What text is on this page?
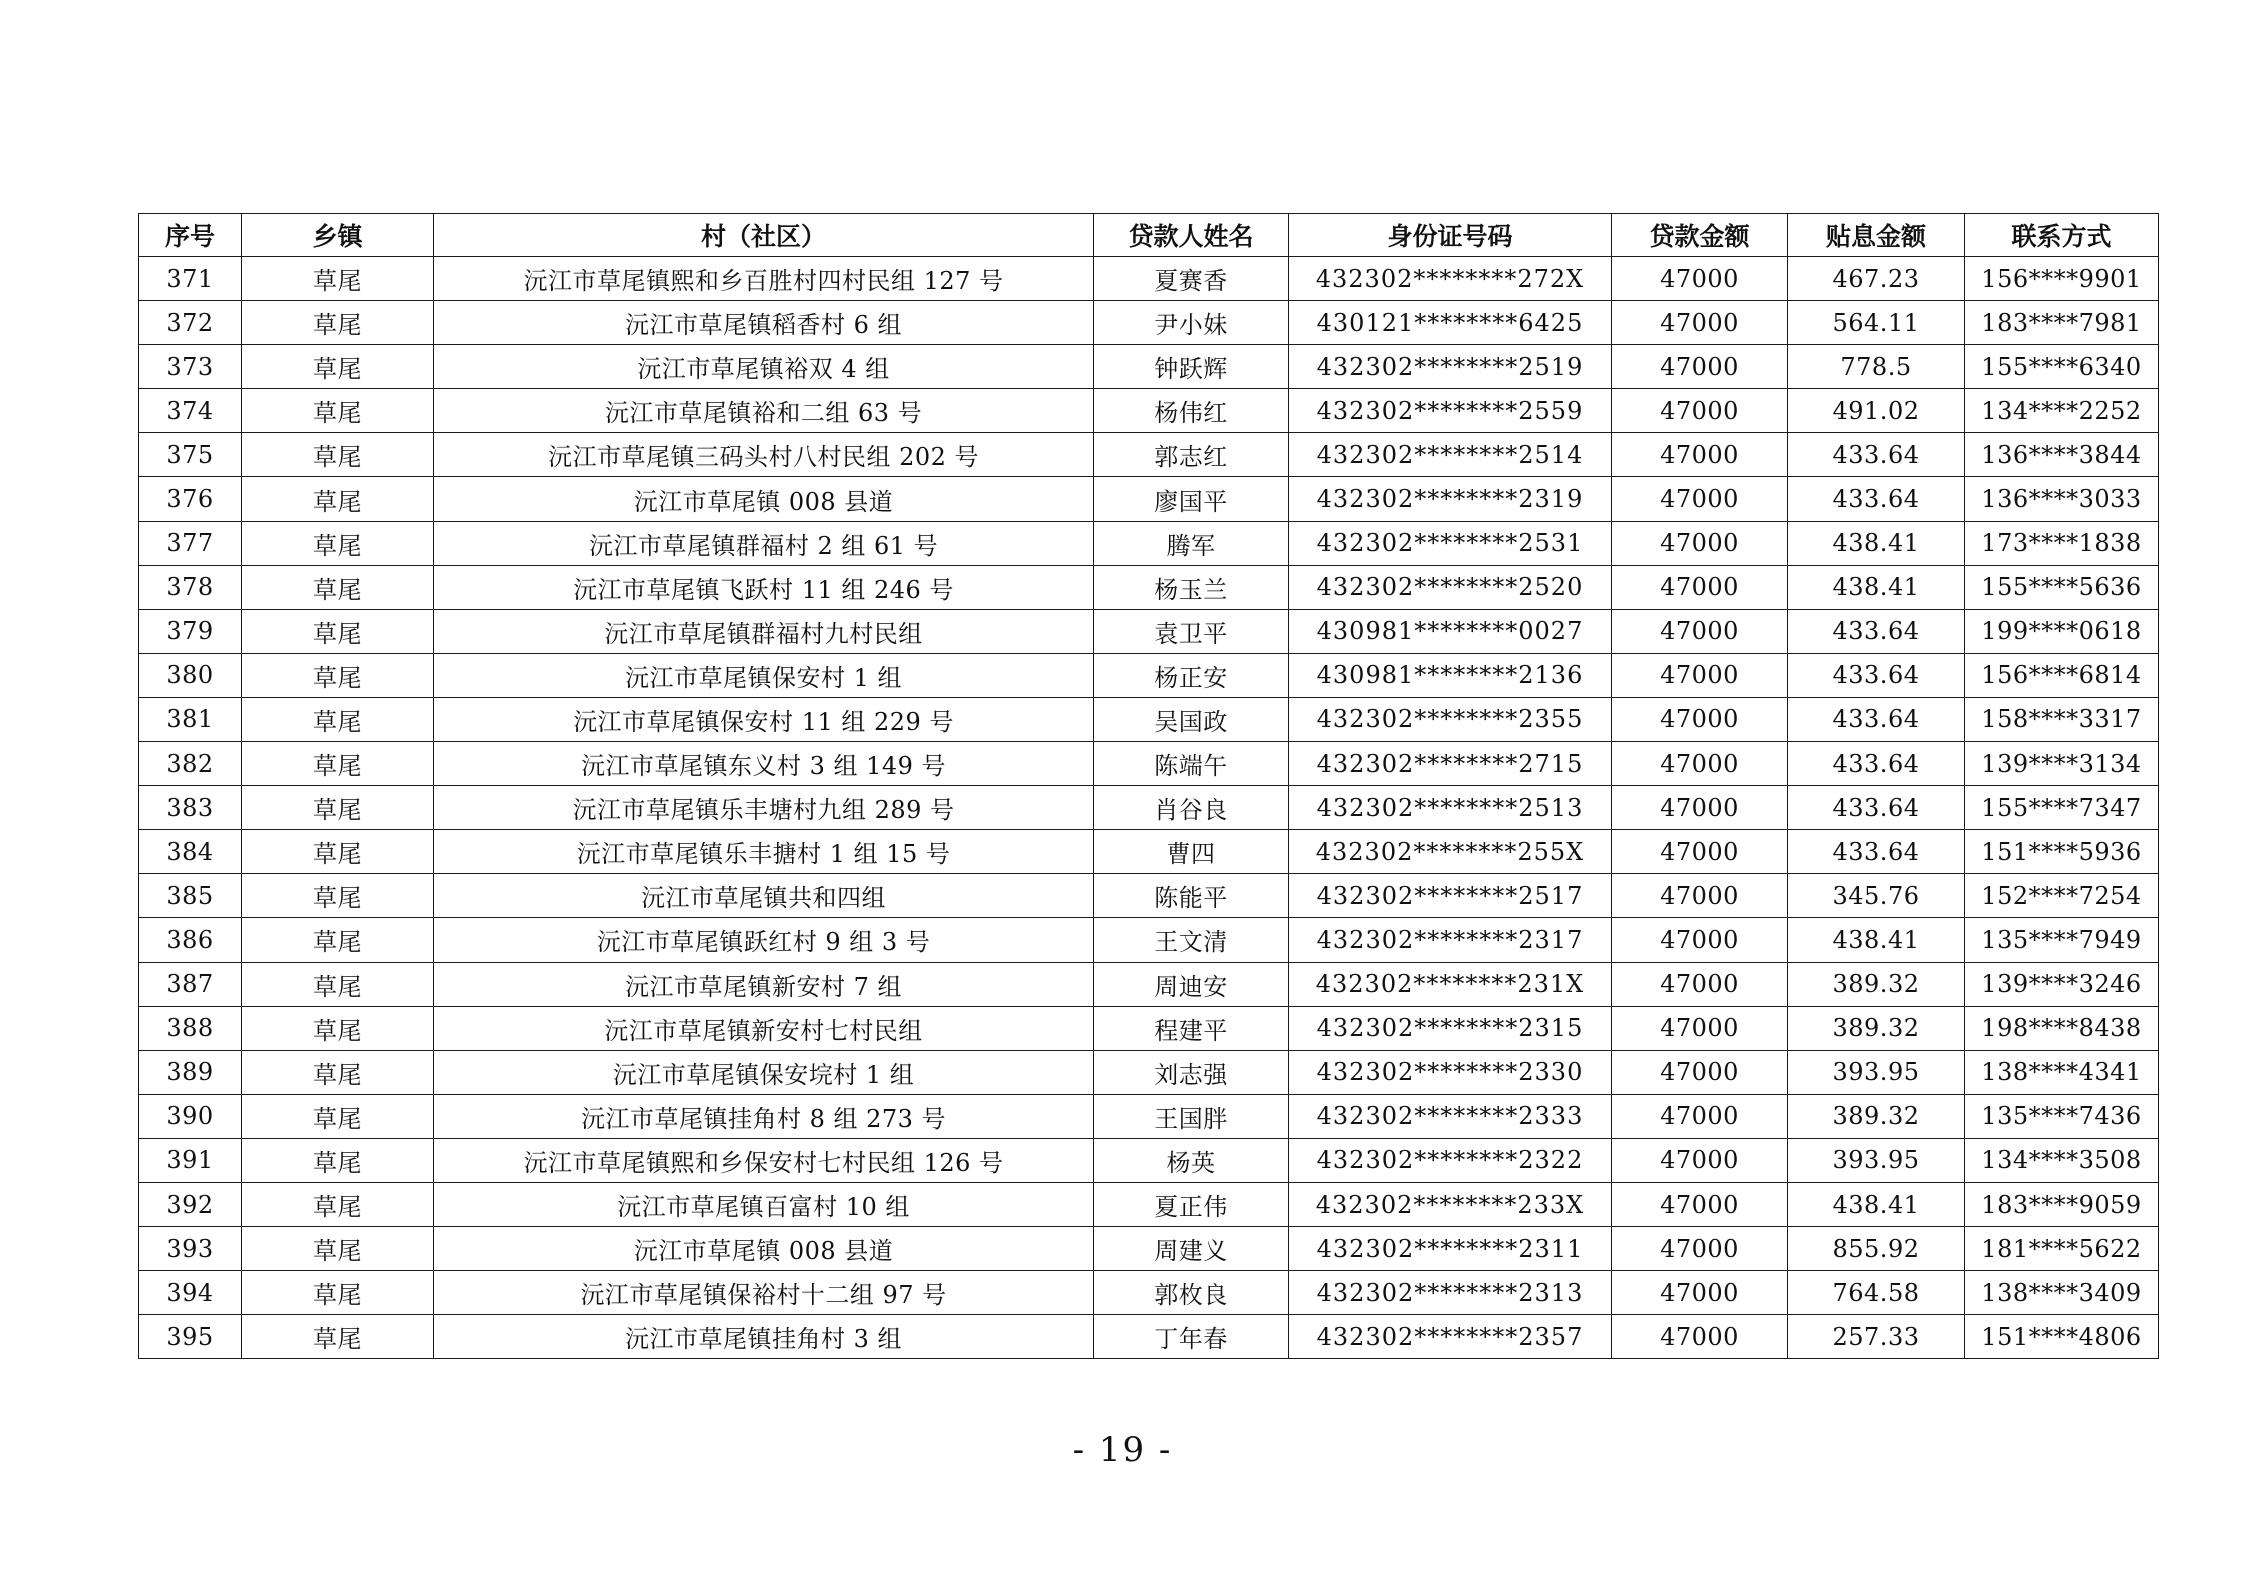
序号	乡镇	村（社区）	贷款人姓名	身份证号码	贷款金额	贴息金额	联系方式
371	草尾	沅江市草尾镇熙和乡百胜村四村民组 127 号	夏赛香	432302********272X	47000	467.23	156****9901
372	草尾	沅江市草尾镇稻香村 6 组	尹小妹	430121********6425	47000	564.11	183****7981
373	草尾	沅江市草尾镇裕双 4 组	钟跃辉	432302********2519	47000	778.5	155****6340
374	草尾	沅江市草尾镇裕和二组 63 号	杨伟红	432302********2559	47000	491.02	134****2252
375	草尾	沅江市草尾镇三码头村八村民组 202 号	郭志红	432302********2514	47000	433.64	136****3844
376	草尾	沅江市草尾镇 008 县道	廖国平	432302********2319	47000	433.64	136****3033
377	草尾	沅江市草尾镇群福村 2 组 61 号	腾军	432302********2531	47000	438.41	173****1838
378	草尾	沅江市草尾镇飞跃村 11 组 246 号	杨玉兰	432302********2520	47000	438.41	155****5636
379	草尾	沅江市草尾镇群福村九村民组	袁卫平	430981********0027	47000	433.64	199****0618
380	草尾	沅江市草尾镇保安村 1 组	杨正安	430981********2136	47000	433.64	156****6814
381	草尾	沅江市草尾镇保安村 11 组 229 号	吴国政	432302********2355	47000	433.64	158****3317
382	草尾	沅江市草尾镇东义村 3 组 149 号	陈端午	432302********2715	47000	433.64	139****3134
383	草尾	沅江市草尾镇乐丰塘村九组 289 号	肖谷良	432302********2513	47000	433.64	155****7347
384	草尾	沅江市草尾镇乐丰搪村 1 组 15 号	曹四	432302********255X	47000	433.64	151****5936
385	草尾	沅江市草尾镇共和四组	陈能平	432302********2517	47000	345.76	152****7254
386	草尾	沅江市草尾镇跃红村 9 组 3 号	王文清	432302********2317	47000	438.41	135****7949
387	草尾	沅江市草尾镇新安村 7 组	周迪安	432302********231X	47000	389.32	139****3246
388	草尾	沅江市草尾镇新安村七村民组	程建平	432302********2315	47000	389.32	198****8438
389	草尾	沅江市草尾镇保安垸村 1 组	刘志强	432302********2330	47000	393.95	138****4341
390	草尾	沅江市草尾镇挂角村 8 组 273 号	王国胖	432302********2333	47000	389.32	135****7436
391	草尾	沅江市草尾镇熙和乡保安村七村民组 126 号	杨英	432302********2322	47000	393.95	134****3508
392	草尾	沅江市草尾镇百富村 10 组	夏正伟	432302********233X	47000	438.41	183****9059
393	草尾	沅江市草尾镇 008 县道	周建义	432302********2311	47000	855.92	181****5622
394	草尾	沅江市草尾镇保裕村十二组 97 号	郭枚良	432302********2313	47000	764.58	138****3409
395	草尾	沅江市草尾镇挂角村 3 组	丁年春	432302********2357	47000	257.33	151****4806
- 19 -
